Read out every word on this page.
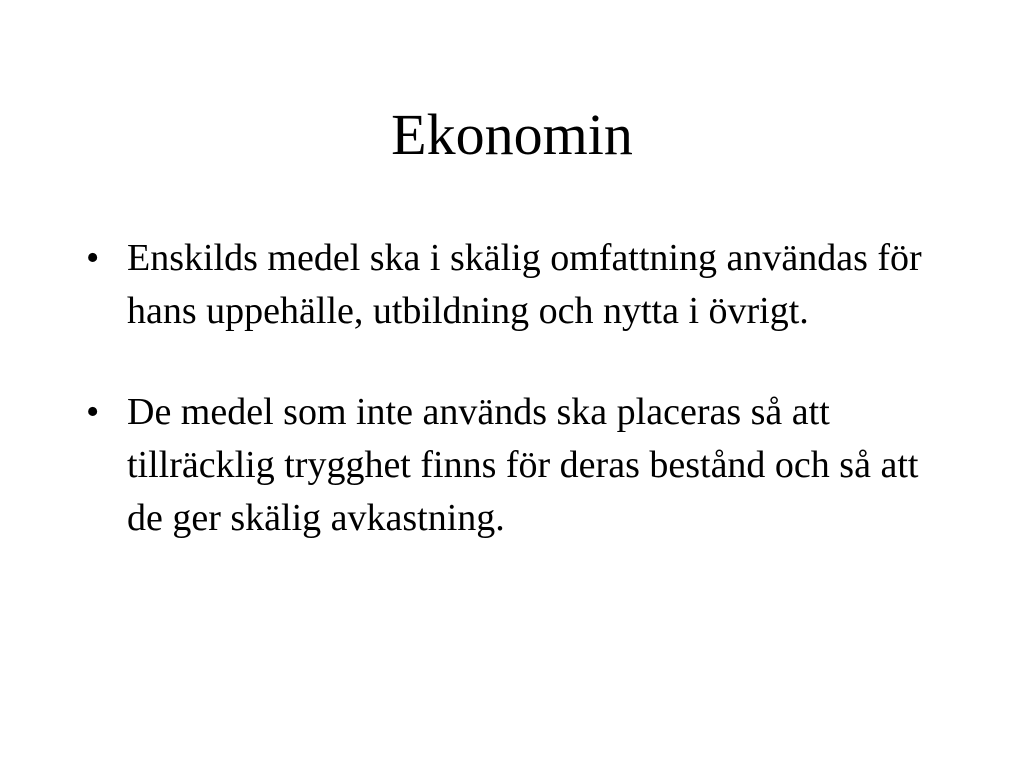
Ekonomin
• Enskilds medel ska i skälig omfattning användas för hans uppehälle, utbildning och nytta i övrigt.
• De medel som inte används ska placeras så att tillräcklig trygghet finns för deras bestånd och så att de ger skälig avkastning.
